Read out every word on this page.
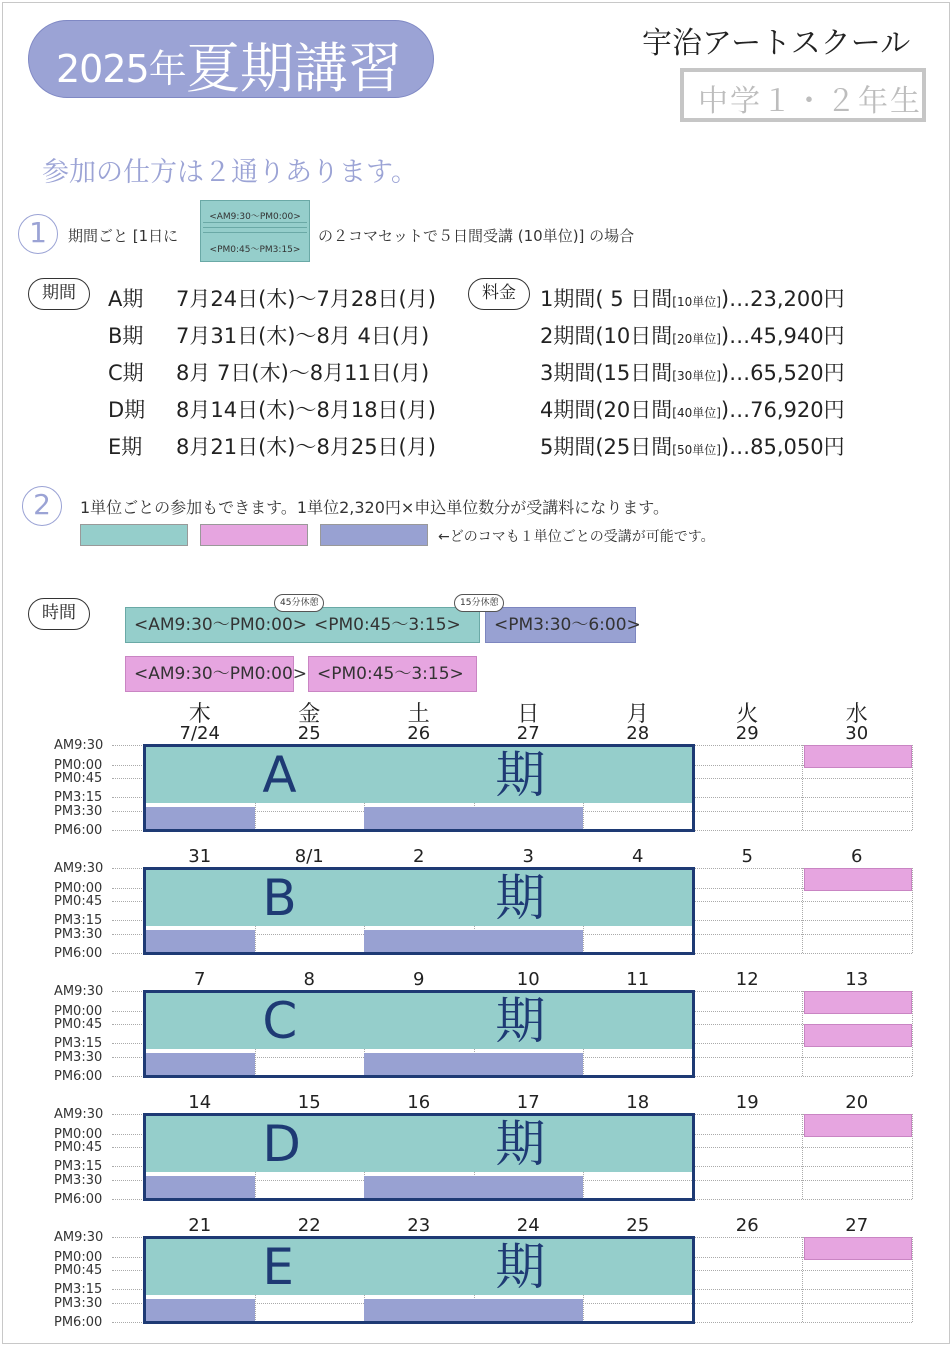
2025年 夏期講習	宇治アートスクール
中学１・２年生
参加の仕方は２通りあります。
1	期間ごと [1日に
<AM9:30〜PM0:00>
<PM0:45〜PM3:15>
の２コマセットで５日間受講 (10単位)] の場合
期間	A期 7月24日(木)〜7月28日(月)
B期 7月31日(木)〜8月 4日(月)
C期 8月 7日(木)〜8月11日(月)
D期 8月14日(木)〜8月18日(月)
E期 8月21日(木)〜8月25日(月)
料金	1期間( 5 日間[10単位])…23,200円
2期間(10日間[20単位])…45,940円
3期間(15日間[30単位])…65,520円
4期間(20日間[40単位])…76,920円
5期間(25日間[50単位])…85,050円
2	1単位ごとの参加もできます。1単位2,320円×申込単位数分が受講料になります。
←どのコマも１単位ごとの受講が可能です。
時間
<AM9:30〜PM0:00> <PM0:45〜3:15>	<PM3:30〜6:00>
45分休憩	15分休憩
<AM9:30〜PM0:00> <PM0:45〜3:15>
木	金	土	日	月	火	水
AM9:30
PM0:00
PM0:45
PM3:15
PM3:30
PM6:00
7/24	25	26	27	28	29	30
A	期
AM9:30
PM0:00
PM0:45
PM3:15
PM3:30
PM6:00
31	8/1	2	3	4	5	6
B	期
AM9:30
PM0:00
PM0:45
PM3:15
PM3:30
PM6:00
7	8	9	10	11	12	13
C	期
AM9:30
PM0:00
PM0:45
PM3:15
PM3:30
PM6:00
14	15	16	17	18	19	20
D	期
AM9:30
PM0:00
PM0:45
PM3:15
PM3:30
PM6:00
21	22	23	24	25	26	27
E	期
